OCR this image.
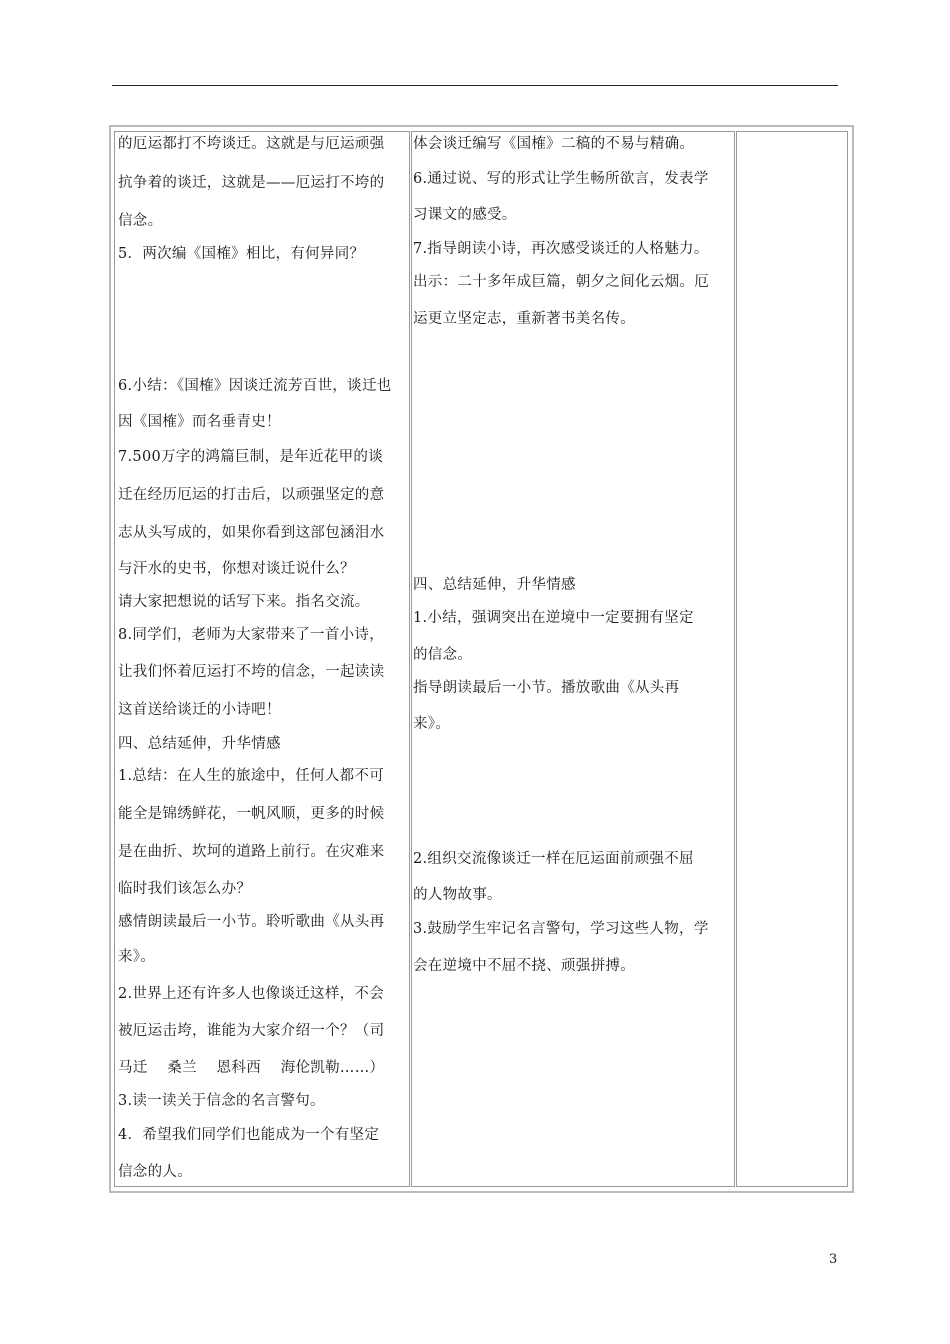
的厄运都打不垮谈迁。这就是与厄运顽强
抗争着的谈迁，这就是——厄运打不垮的
信念。
5．两次编《国榷》相比，有何异同？
6.小结：《国榷》因谈迁流芳百世，谈迁也
因《国榷》而名垂青史！
7.500万字的鸿篇巨制，是年近花甲的谈
迁在经历厄运的打击后，以顽强坚定的意
志从头写成的，如果你看到这部包涵泪水
与汗水的史书，你想对谈迁说什么？
请大家把想说的话写下来。指名交流。
8.同学们，老师为大家带来了一首小诗，
让我们怀着厄运打不垮的信念，一起读读
这首送给谈迁的小诗吧！
四、总结延伸，升华情感
1.总结：在人生的旅途中，任何人都不可
能全是锦绣鲜花，一帆风顺，更多的时候
是在曲折、坎坷的道路上前行。在灾难来
临时我们该怎么办？
感情朗读最后一小节。聆听歌曲《从头再
来》。
2.世界上还有许多人也像谈迁这样，不会
被厄运击垮，谁能为大家介绍一个？（司
马迁　 桑兰　 恩科西　 海伦凯勒……）
3.读一读关于信念的名言警句。
4．希望我们同学们也能成为一个有坚定
信念的人。
体会谈迁编写《国榷》二稿的不易与精确。
6.通过说、写的形式让学生畅所欲言，发表学
习课文的感受。
7.指导朗读小诗，再次感受谈迁的人格魅力。
出示：二十多年成巨篇，朝夕之间化云烟。厄
运更立坚定志，重新著书美名传。
四、总结延伸，升华情感
1.小结，强调突出在逆境中一定要拥有坚定
的信念。
指导朗读最后一小节。播放歌曲《从头再
来》。
2.组织交流像谈迁一样在厄运面前顽强不屈
的人物故事。
3.鼓励学生牢记名言警句，学习这些人物，学
会在逆境中不屈不挠、顽强拼搏。
3
